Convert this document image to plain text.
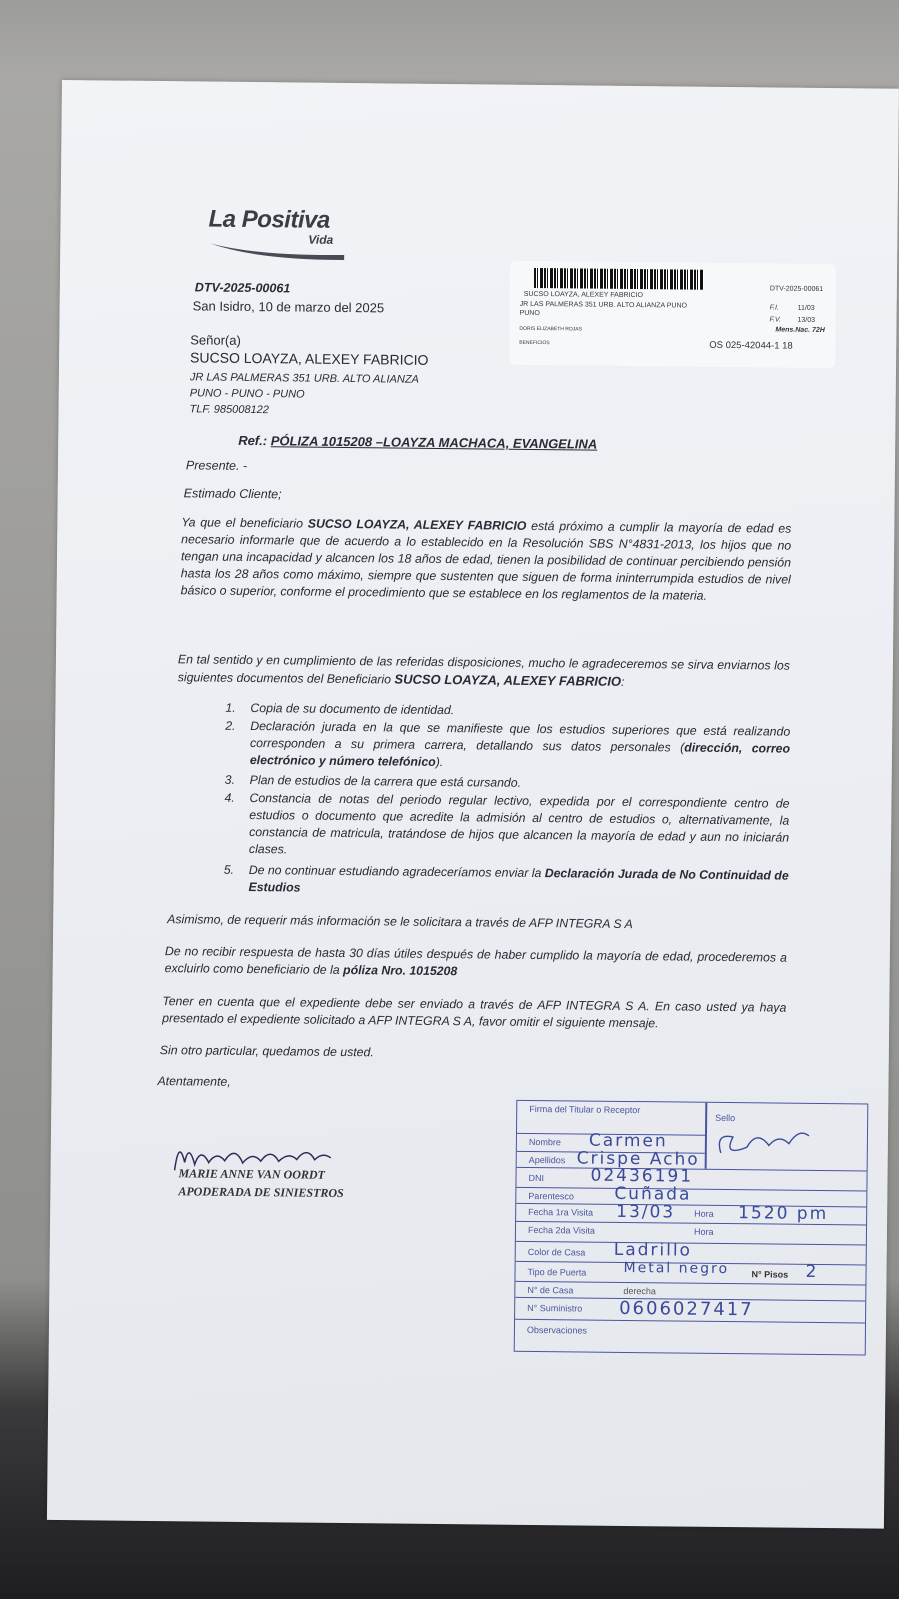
La Positiva
Vida
DTV-2025-00061
San Isidro, 10 de marzo del 2025
Señor(a)
SUCSO LOAYZA, ALEXEY FABRICIO
JR LAS PALMERAS 351 URB. ALTO ALIANZA
PUNO - PUNO - PUNO
TLF. 985008122
DTV-2025-00061
SUCSO LOAYZA, ALEXEY FABRICIO
JR LAS PALMERAS 351 URB. ALTO ALIANZA PUNO
PUNO
F.I.	11/03
F.V. 13/03
DORIS ELIZABETH ROJAS	Mens.Nac. 72H
BENEFICIOS	OS 025-42044-1 18
Ref.: PÓLIZA 1015208 –LOAYZA MACHACA, EVANGELINA
Presente. -
Estimado Cliente;
Ya que el beneficiario SUCSO LOAYZA, ALEXEY FABRICIO está próximo a cumplir la mayoría de edad es necesario informarle que de acuerdo a lo establecido en la Resolución SBS N°4831-2013, los hijos que no tengan una incapacidad y alcancen los 18 años de edad, tienen la posibilidad de continuar percibiendo pensión hasta los 28 años como máximo, siempre que sustenten que siguen de forma ininterrumpida estudios de nivel básico o superior, conforme el procedimiento que se establece en los reglamentos de la materia.
En tal sentido y en cumplimiento de las referidas disposiciones, mucho le agradeceremos se sirva enviarnos los siguientes documentos del Beneficiario SUCSO LOAYZA, ALEXEY FABRICIO:
1. Copia de su documento de identidad.
2. Declaración jurada en la que se manifieste que los estudios superiores que está realizando corresponden a su primera carrera, detallando sus datos personales (dirección, correo electrónico y número telefónico).
3. Plan de estudios de la carrera que está cursando.
4. Constancia de notas del periodo regular lectivo, expedida por el correspondiente centro de estudios o documento que acredite la admisión al centro de estudios o, alternativamente, la constancia de matricula, tratándose de hijos que alcancen la mayoría de edad y aun no iniciarán clases.
5. De no continuar estudiando agradeceríamos enviar la Declaración Jurada de No Continuidad de Estudios
Asimismo, de requerir más información se le solicitara a través de AFP INTEGRA S A
De no recibir respuesta de hasta 30 días útiles después de haber cumplido la mayoría de edad, procederemos a excluirlo como beneficiario de la póliza Nro. 1015208
Tener en cuenta que el expediente debe ser enviado a través de AFP INTEGRA S A. En caso usted ya haya presentado el expediente solicitado a AFP INTEGRA S A, favor omitir el siguiente mensaje.
Sin otro particular, quedamos de usted.
Atentamente,
MARIE ANNE VAN OORDT
APODERADA DE SINIESTROS
Firma del Titular o Receptor
Sello
Nombre Carmen
Apellidos Crispe Acho
DNI	02436191
Parentesco Cuñada
Fecha 1ra Visita 13/03 Hora 1520 pm
Fecha 2da Visita	Hora
Color de Casa Ladrillo
Tipo de Puerta	Metal negro N° Pisos 2
N° de Casa	derecha
N° Suministro 0606027417
Observaciones
